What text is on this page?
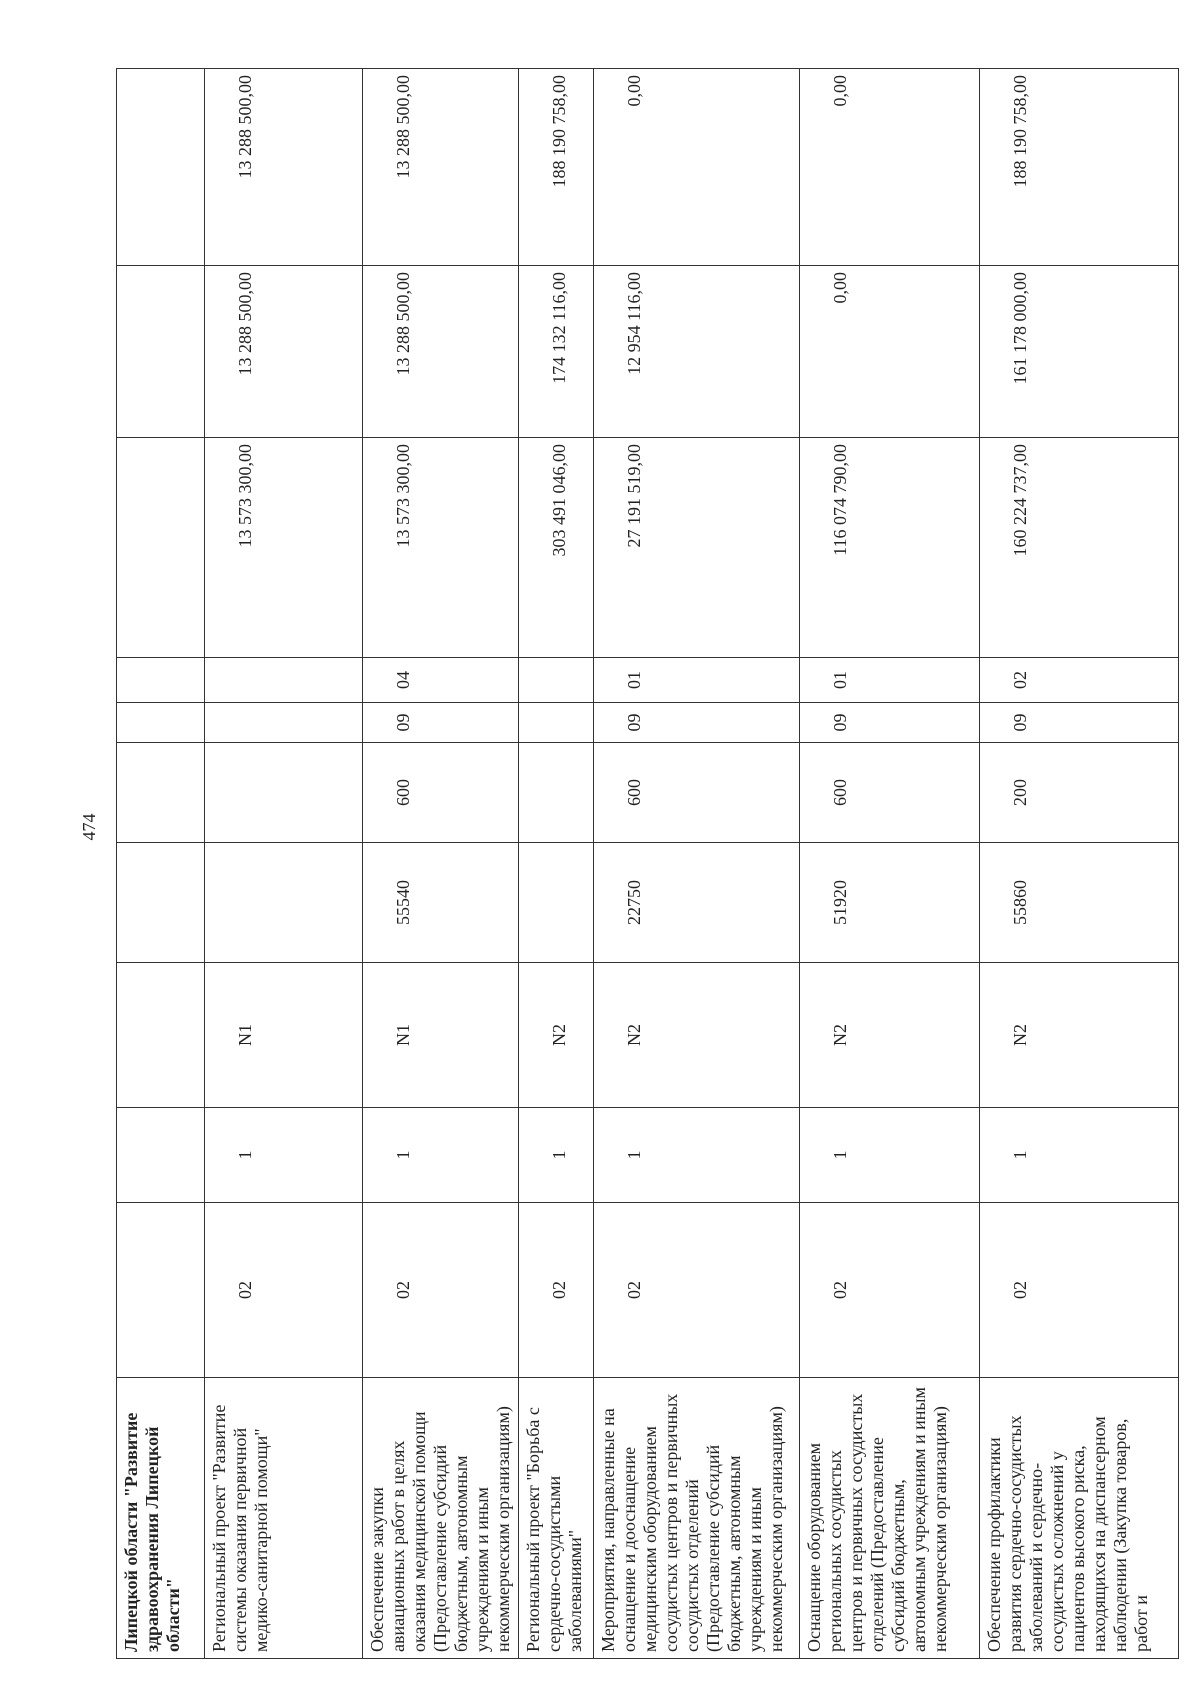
474
Липецкой области "Развитие здравоохранения Липецкой области"										
Региональный проект "Развитие системы оказания первичной медико-санитарной помощи"	02	1	N1					13 573 300,00	13 288 500,00	13 288 500,00
Обеспечение закупки авиационных работ в целях оказания медицинской помощи (Предоставление субсидий бюджетным, автономным учреждениям и иным некоммерческим организациям)	02	1	N1	55540	600	09	04	13 573 300,00	13 288 500,00	13 288 500,00
Региональный проект "Борьба с сердечно-сосудистыми заболеваниями"	02	1	N2					303 491 046,00	174 132 116,00	188 190 758,00
Мероприятия, направленные на оснащение и дооснащение медицинским оборудованием сосудистых центров и первичных сосудистых отделений (Предоставление субсидий бюджетным, автономным учреждениям и иным некоммерческим организациям)	02	1	N2	22750	600	09	01	27 191 519,00	12 954 116,00	0,00
Оснащение оборудованием региональных сосудистых центров и первичных сосудистых отделений (Предоставление субсидий бюджетным, автономным учреждениям и иным некоммерческим организациям)	02	1	N2	51920	600	09	01	116 074 790,00	0,00	0,00
Обеспечение профилактики развития сердечно-сосудистых заболеваний и сердечно-сосудистых осложнений у пациентов высокого риска, находящихся на диспансерном наблюдении (Закупка товаров, работ и	02	1	N2	55860	200	09	02	160 224 737,00	161 178 000,00	188 190 758,00
